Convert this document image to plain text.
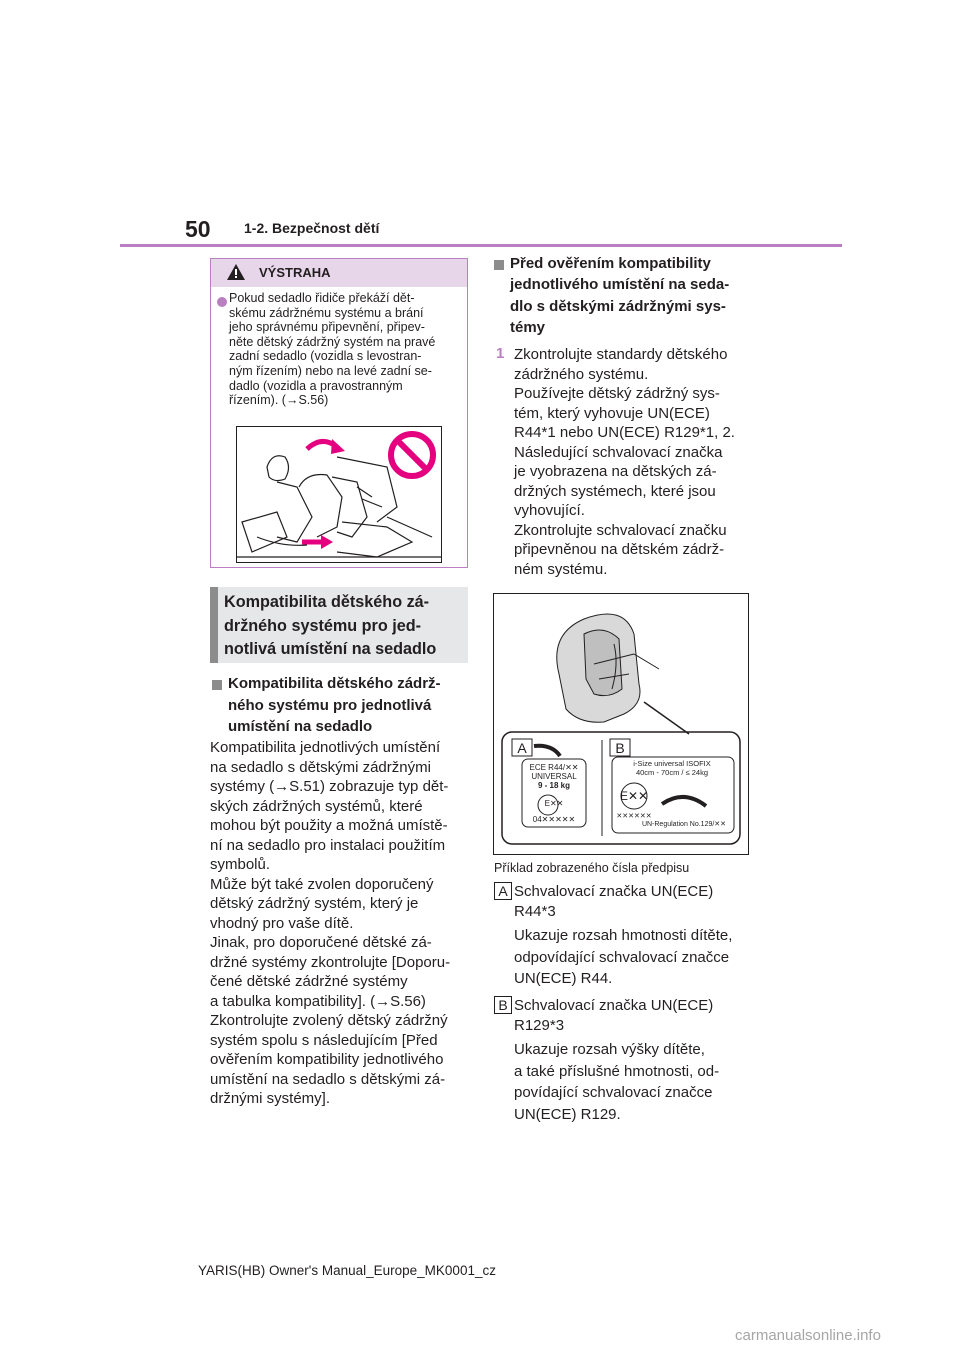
50 1-2. Bezpečnost dětí
VÝSTRAHA
Pokud sedadlo řidiče překáží dět-
skému zádržnému systému a brání
jeho správnému připevnění, připev-
něte dětský zádržný systém na pravé
zadní sedadlo (vozidla s levostran-
ným řízením) nebo na levé zadní se-
dadlo (vozidla a pravostranným
řízením). (→S.56)
Kompatibilita dětského zá-
držného systému pro jed-
notlivá umístění na sedadlo
Kompatibilita dětského zádrž-
ného systému pro jednotlivá
umístění na sedadlo
Kompatibilita jednotlivých umístění
na sedadlo s dětskými zádržnými
systémy (→S.51) zobrazuje typ dět-
ských zádržných systémů, které
mohou být použity a možná umístě-
ní na sedadlo pro instalaci použitím
symbolů.
Může být také zvolen doporučený
dětský zádržný systém, který je
vhodný pro vaše dítě.
Jinak, pro doporučené dětské zá-
držné systémy zkontrolujte [Doporu-
čené dětské zádržné systémy
a tabulka kompatibility]. (→S.56)
Zkontrolujte zvolený dětský zádržný
systém spolu s následujícím [Před
ověřením kompatibility jednotlivého
umístění na sedadlo s dětskými zá-
držnými systémy].
Před ověřením kompatibility
jednotlivého umístění na seda-
dlo s dětskými zádržnými sys-
témy
1 Zkontrolujte standardy dětského
zádržného systému.
Používejte dětský zádržný sys-
tém, který vyhovuje UN(ECE)
R44*1 nebo UN(ECE) R129*1, 2.
Následující schvalovací značka
je vyobrazena na dětských zá-
držných systémech, které jsou
vyhovující.
Zkontrolujte schvalovací značku
připevněnou na dětském zádrž-
ném systému.
A	B
ECE R44/✕✕
UNIVERSAL
9 - 18 kg
E✕✕
04✕✕✕✕✕
i-Size universal ISOFIX
40cm - 70cm / ≤ 24kg
E✕✕
✕✕✕✕✕✕
UN-Regulation No.129/✕✕
Příklad zobrazeného čísla předpisu
A Schvalovací značka UN(ECE)
R44*3
Ukazuje rozsah hmotnosti dítěte,
odpovídající schvalovací značce
UN(ECE) R44.
B Schvalovací značka UN(ECE)
R129*3
Ukazuje rozsah výšky dítěte,
a také příslušné hmotnosti, od-
povídající schvalovací značce
UN(ECE) R129.
YARIS(HB) Owner's Manual_Europe_MK0001_cz
carmanualsonline.info
